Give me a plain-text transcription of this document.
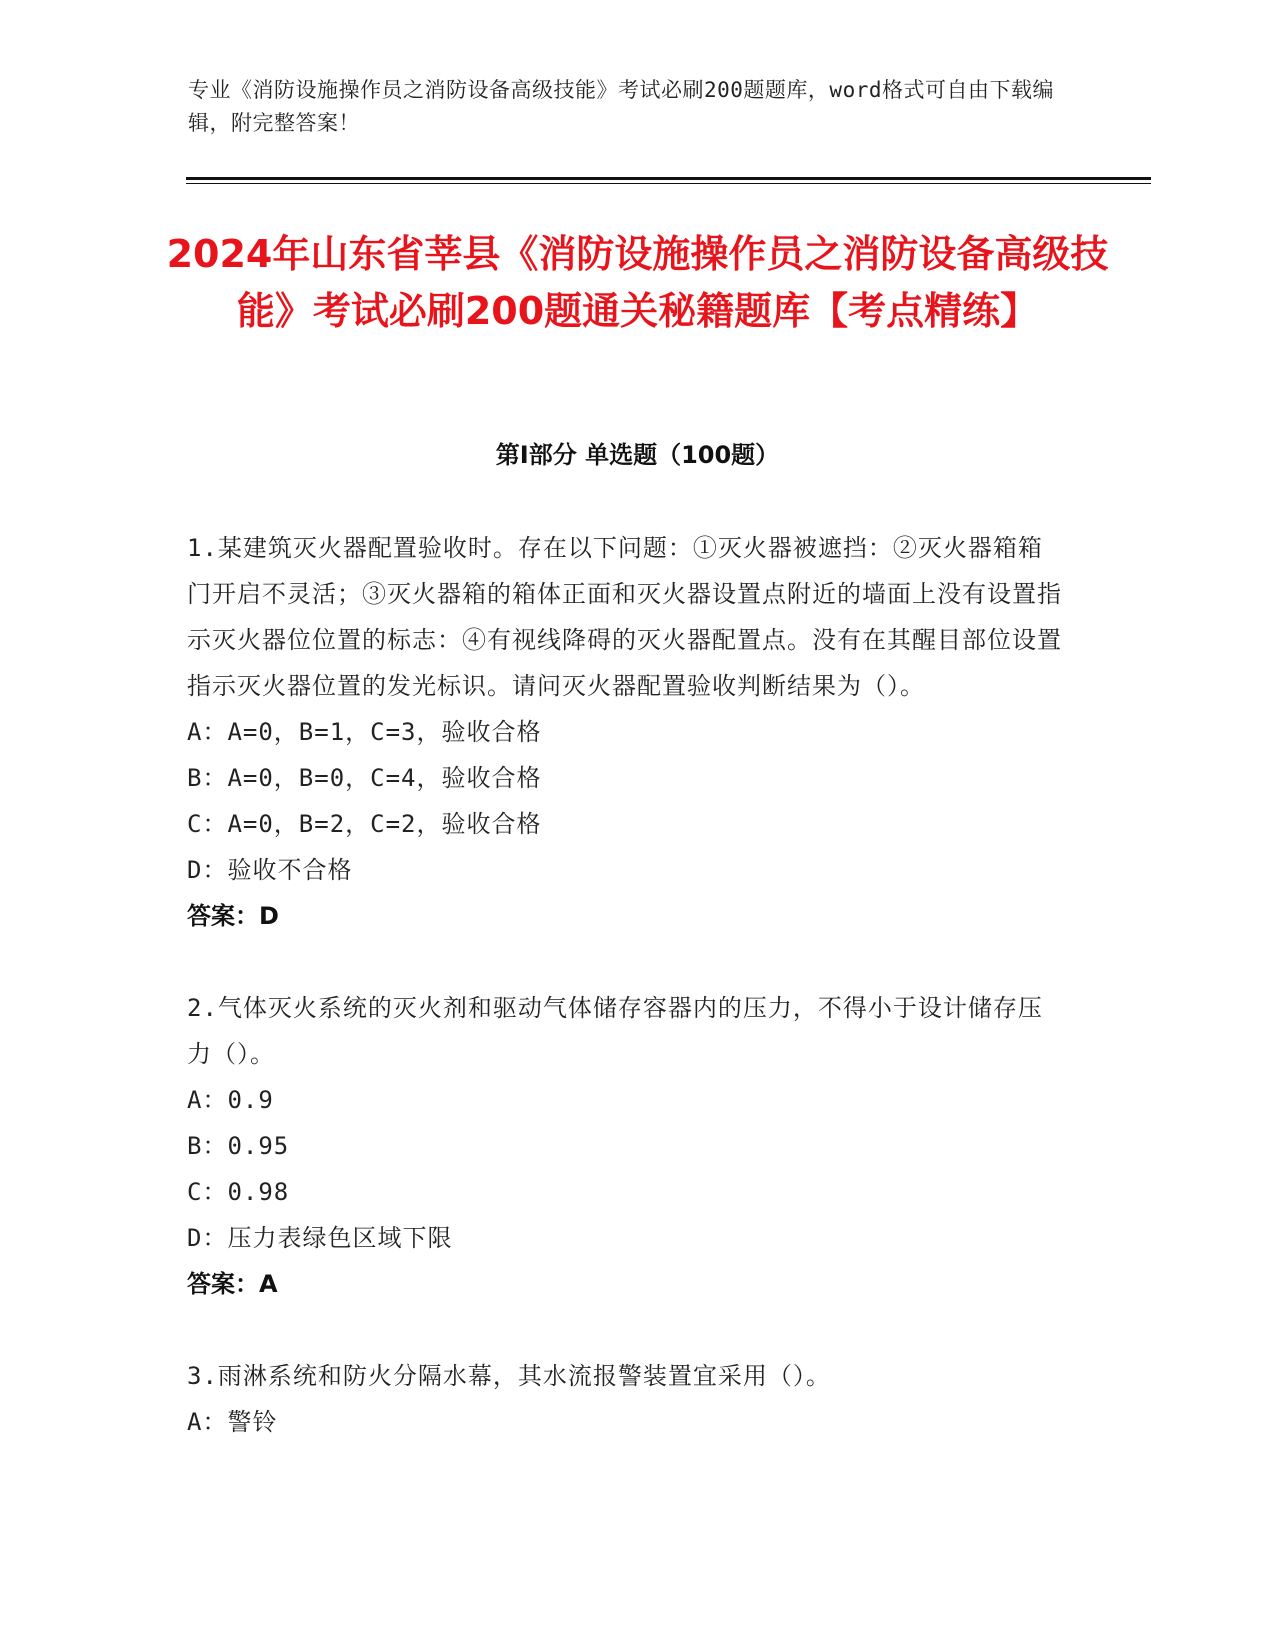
专业《消防设施操作员之消防设备高级技能》考试必刷200题题库，word格式可自由下载编辑，附完整答案！
2024年山东省莘县《消防设施操作员之消防设备高级技能》考试必刷200题通关秘籍题库【考点精练】
第I部分 单选题（100题）

1.某建筑灭火器配置验收时。存在以下问题：①灭火器被遮挡：②灭火器箱箱门开启不灵活；③灭火器箱的箱体正面和灭火器设置点附近的墙面上没有设置指示灭火器位位置的标志：④有视线降碍的灭火器配置点。没有在其醒目部位设置指示灭火器位置的发光标识。请问灭火器配置验收判断结果为（）。

A：A=0，B=1，C=3，验收合格

B：A=0，B=0，C=4，验收合格

C：A=0，B=2，C=2，验收合格

D：验收不合格

答案：D

2.气体灭火系统的灭火剂和驱动气体储存容器内的压力，不得小于设计储存压力（）。

A：0.9

B：0.95

C：0.98

D：压力表绿色区域下限

答案：A

3.雨淋系统和防火分隔水幕，其水流报警装置宜采用（）。

A：警铃
